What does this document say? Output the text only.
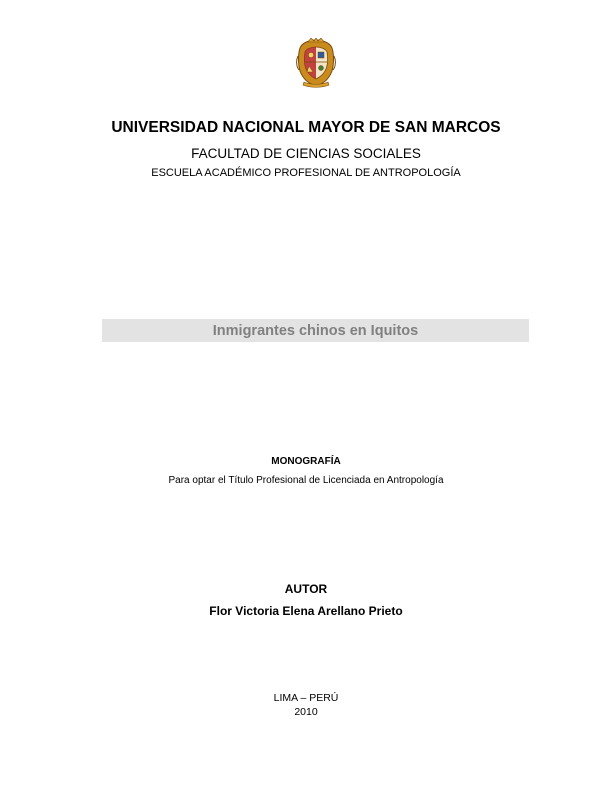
UNIVERSIDAD NACIONAL MAYOR DE SAN MARCOS
FACULTAD DE CIENCIAS SOCIALES
ESCUELA ACADÉMICO PROFESIONAL DE ANTROPOLOGÍA
Inmigrantes chinos en Iquitos
MONOGRAFÍA
Para optar el Título Profesional de Licenciada en Antropología
AUTOR
Flor Victoria Elena Arellano Prieto
LIMA – PERÚ
2010
